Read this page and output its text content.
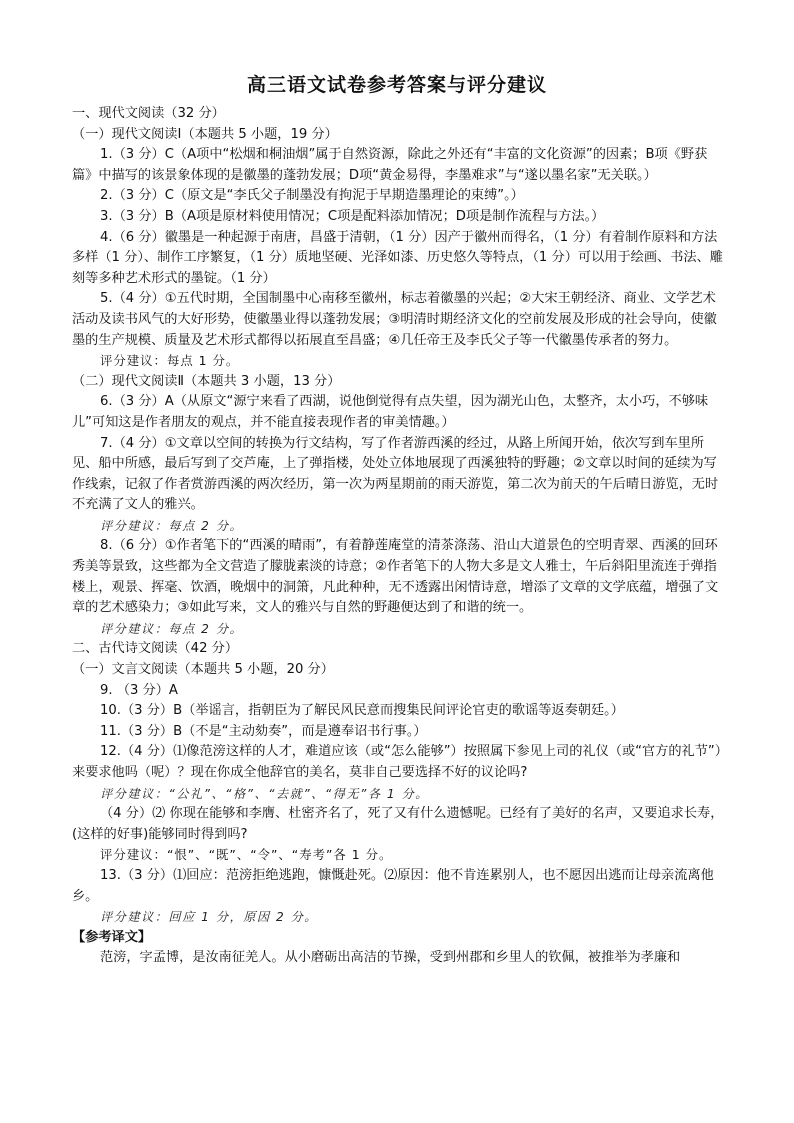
高三语文试卷参考答案与评分建议

一、现代文阅读（32 分）

（一）现代文阅读Ⅰ（本题共 5 小题，19 分）

1.（3 分）C（A项中“松烟和桐油烟”属于自然资源，除此之外还有“丰富的文化资源”的因素；B项《野获篇》中描写的该景象体现的是徽墨的蓬勃发展；D项“黄金易得，李墨难求”与“遂以墨名家”无关联。）

2.（3 分）C（原文是“李氏父子制墨没有拘泥于早期造墨理论的束缚”。）

3.（3 分）B（A项是原材料使用情况；C项是配料添加情况；D项是制作流程与方法。）

4.（6 分）徽墨是一种起源于南唐，昌盛于清朝，（1 分）因产于徽州而得名，（1 分）有着制作原料和方法多样（1 分）、制作工序繁复，（1 分）质地坚硬、光泽如漆、历史悠久等特点，（1 分）可以用于绘画、书法、雕刻等多种艺术形式的墨锭。（1 分）

5.（4 分）①五代时期，全国制墨中心南移至徽州，标志着徽墨的兴起；②大宋王朝经济、商业、文学艺术活动及读书风气的大好形势，使徽墨业得以蓬勃发展；③明清时期经济文化的空前发展及形成的社会导向，使徽墨的生产规模、质量及艺术形式都得以拓展直至昌盛；④几任帝王及李氏父子等一代徽墨传承者的努力。

评分建议：每点 1 分。

（二）现代文阅读Ⅱ（本题共 3 小题，13 分）

6.（3 分）A（从原文“源宁来看了西湖，说他倒觉得有点失望，因为湖光山色，太整齐，太小巧，不够味儿”可知这是作者朋友的观点，并不能直接表现作者的审美情趣。）

7.（4 分）①文章以空间的转换为行文结构，写了作者游西溪的经过，从路上所闻开始，依次写到车里所见、船中所感，最后写到了交芦庵，上了弹指楼，处处立体地展现了西溪独特的野趣；②文章以时间的延续为写作线索，记叙了作者赏游西溪的两次经历，第一次为两星期前的雨天游览，第二次为前天的午后晴日游览，无时不充满了文人的雅兴。

评分建议：每点 2 分。

8.（6 分）①作者笔下的“西溪的晴雨”，有着静莲庵堂的清茶涤荡、沿山大道景色的空明青翠、西溪的回环秀美等景致，这些都为全文营造了朦胧素淡的诗意；②作者笔下的人物大多是文人雅士，午后斜阳里流连于弹指楼上，观景、挥毫、饮酒，晚烟中的洞箫，凡此种种，无不透露出闲情诗意，增添了文章的文学底蕴，增强了文章的艺术感染力；③如此写来，文人的雅兴与自然的野趣便达到了和谐的统一。

评分建议：每点 2 分。

二、古代诗文阅读（42 分）

（一）文言文阅读（本题共 5 小题，20 分）

9. （3 分）A

10.（3 分）B（举谣言，指朝臣为了解民风民意而搜集民间评论官吏的歌谣等返奏朝廷。）

11.（3 分）B（不是“主动劾奏”，而是遵奉诏书行事。）

12.（4 分）⑴像范滂这样的人才，难道应该（或“怎么能够”）按照属下参见上司的礼仪（或“官方的礼节”）来要求他吗（呢）？现在你成全他辞官的美名，莫非自己要选择不好的议论吗?

评分建议：“公礼”、“格”、“去就”、“得无”各 1 分。

（4 分）⑵ 你现在能够和李膺、杜密齐名了，死了又有什么遗憾呢。已经有了美好的名声，又要追求长寿，(这样的好事)能够同时得到吗?

评分建议：“恨”、“既”、“令”、“寿考”各 1 分。

13.（3 分）⑴回应：范滂拒绝逃跑，慷慨赴死。⑵原因：他不肯连累别人，也不愿因出逃而让母亲流离他乡。

评分建议：回应 1 分，原因 2 分。

【参考译文】

范滂，字孟博，是汝南征羌人。从小磨砺出高洁的节操，受到州郡和乡里人的钦佩，被推举为孝廉和
